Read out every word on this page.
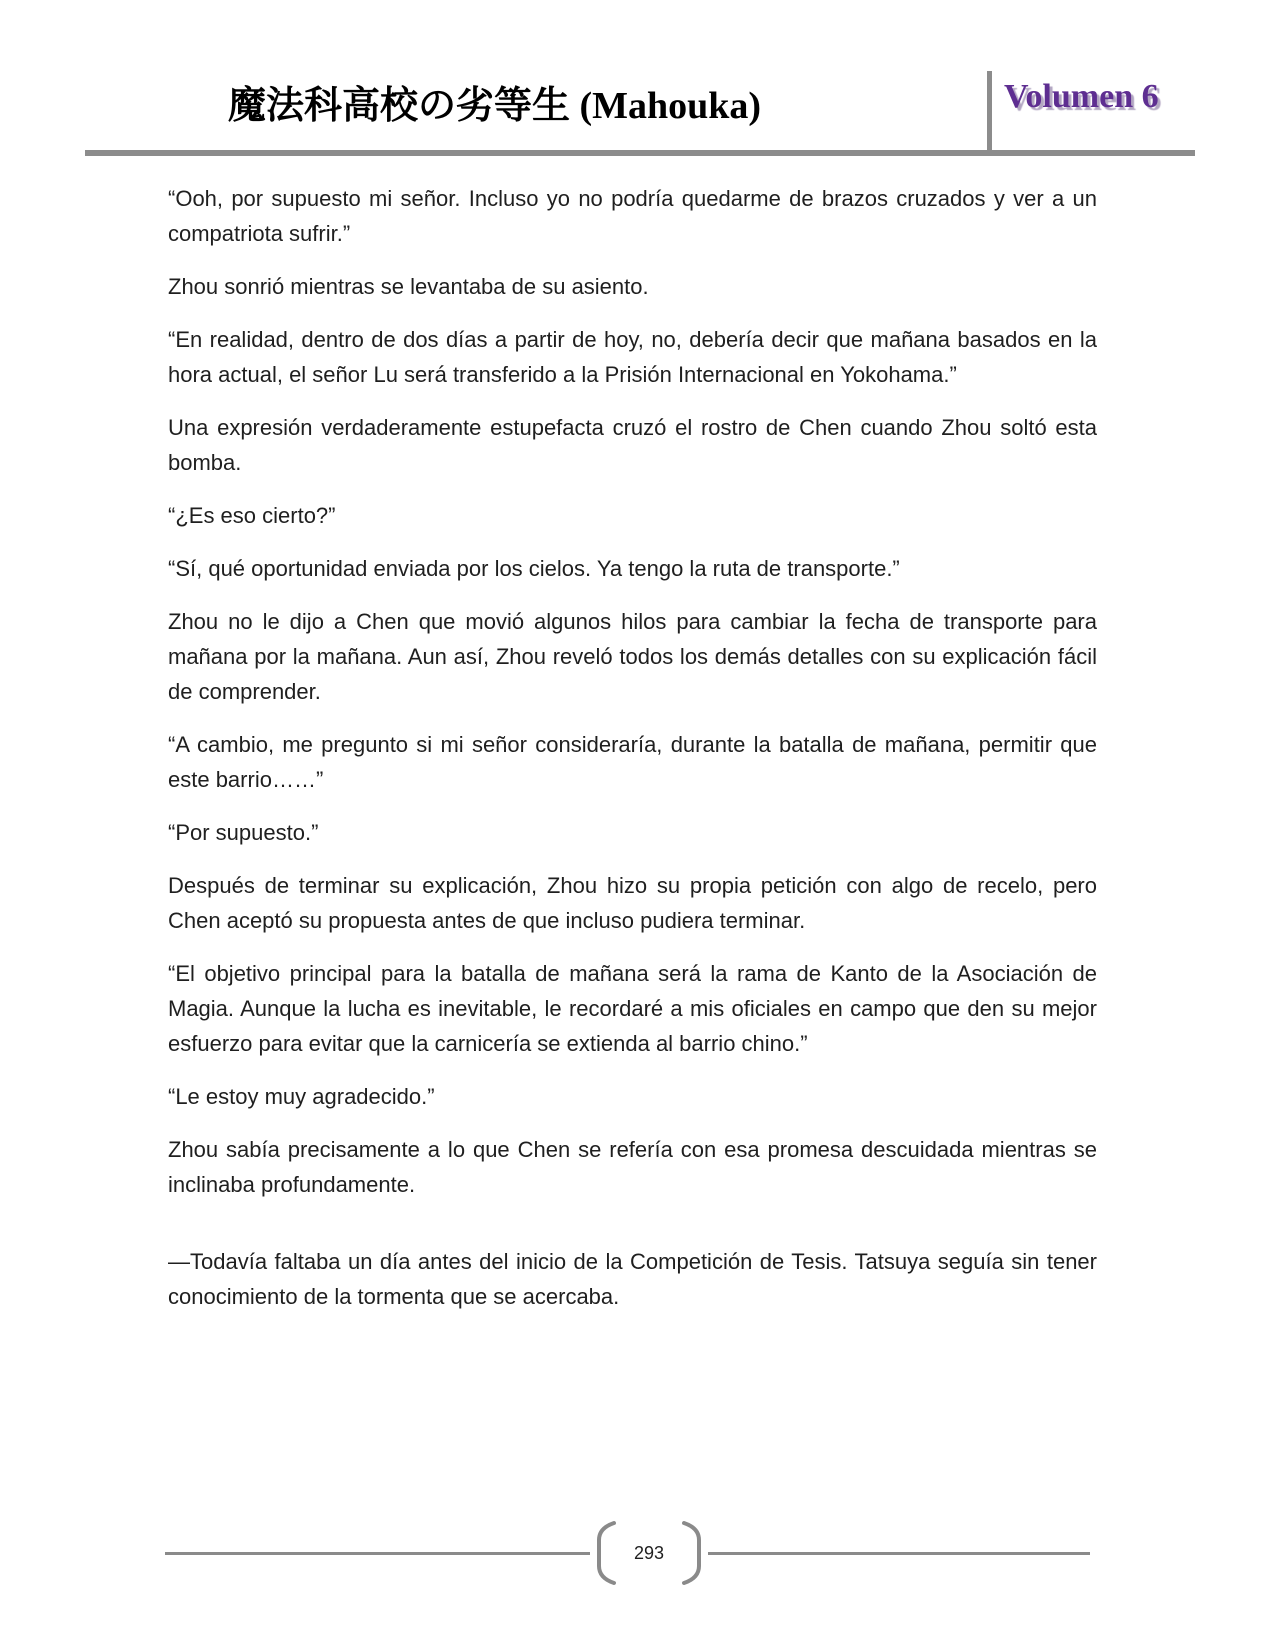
魔法科高校の劣等生 (Mahouka)	Volumen 6

“Ooh, por supuesto mi señor. Incluso yo no podría quedarme de brazos cruzados y ver a un compatriota sufrir.”

Zhou sonrió mientras se levantaba de su asiento.

“En realidad, dentro de dos días a partir de hoy, no, debería decir que mañana basados en la hora actual, el señor Lu será transferido a la Prisión Internacional en Yokohama.”

Una expresión verdaderamente estupefacta cruzó el rostro de Chen cuando Zhou soltó esta bomba.

“¿Es eso cierto?”

“Sí, qué oportunidad enviada por los cielos. Ya tengo la ruta de transporte.”

Zhou no le dijo a Chen que movió algunos hilos para cambiar la fecha de transporte para mañana por la mañana. Aun así, Zhou reveló todos los demás detalles con su explicación fácil de comprender.

“A cambio, me pregunto si mi señor consideraría, durante la batalla de mañana, permitir que este barrio……”

“Por supuesto.”

Después de terminar su explicación, Zhou hizo su propia petición con algo de recelo, pero Chen aceptó su propuesta antes de que incluso pudiera terminar.

“El objetivo principal para la batalla de mañana será la rama de Kanto de la Asociación de Magia. Aunque la lucha es inevitable, le recordaré a mis oficiales en campo que den su mejor esfuerzo para evitar que la carnicería se extienda al barrio chino.”

“Le estoy muy agradecido.”

Zhou sabía precisamente a lo que Chen se refería con esa promesa descuidada mientras se inclinaba profundamente.

—Todavía faltaba un día antes del inicio de la Competición de Tesis. Tatsuya seguía sin tener conocimiento de la tormenta que se acercaba.

293
